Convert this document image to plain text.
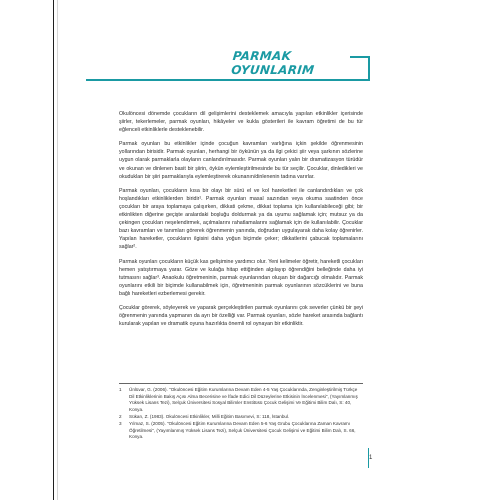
PARMAK OYUNLARIM

Okulöncesi dönemde çocukların dil gelişimlerini desteklemek amacıyla yapılan etkinlikler içerisinde şiirler, tekerlemeler, parmak oyunları, hikâyeler ve kukla gösterileri ile kavram öğretimi de bu tür eğlenceli etkinliklerle desteklenebilir.

Parmak oyunları bu etkinlikler içinde çocuğun kavramları varlığına içkin şekilde öğrenmesinin yollarından birisidir. Parmak oyunları, herhangi bir öykünün ya da ilgi çekici şiir veya şarkının sözlerine uygun olarak parmaklarla olayların canlandırılmasıdır. Parmak oyunları yalın bir dramatizasyon türüdür ve okunan ve dinlenen basit bir şiirin, öykün eylemleştirilmesinde bu tür seçilir. Çocuklar, dinledikleri ve okudukları bir şiiri parmaklarıyla eylemleştirerek okunanın/dinlenenin tadına varırlar.

Parmak oyunları, çocukların kısa bir olayı bir sürü el ve kol hareketleri ile canlandırdıkları ve çok hoşlandıkları etkinliklerden biridir¹. Parmak oyunları masal sazından veya okuma saatinden önce çocukları bir araya toplamaya çalışırken, dikkati çekme, dikkat toplama için kullanılabileceği gibi; bir etkinlikten diğerine geçişte aralardaki boşluğu doldurmak ya da uyumu sağlamak için; mutsuz ya da çekingen çocukları neşelendirmek, açılmalarını rahatlamalarını sağlamak için de kullanılabilir. Çocuklar bazı kavramları ve tanımları görerek öğrenmenin yanında, doğrudan uygulayarak daha kolay öğrenirler. Yapılan hareketler, çocukların ilgisini daha yoğun biçimde çeker; dikkatlerini çabucak toplamalarını sağlar².

Parmak oyunları çocukların küçük kas gelişimine yardımcı olur. Yeni kelimeler öğretir, hareketli çocukları hemen yatıştırmaya yarar. Göze ve kulağa hitap ettiğinden algılayıp öğrendiğini belleğinde daha iyi tutmasını sağlar³. Anaokulu öğretmeninin, parmak oyunlarından oluşan bir dağarcığı olmalıdır. Parmak oyunlarını etkili bir biçimde kullanabilmek için, öğretmeninin parmak oyunlarının sözcüklerini ve buna bağlı hareketleri ezberlemesi gerekir.

Çocuklar görerek, söyleyerek ve yaparak gerçekleştirilen parmak oyunlarını çok severler çünkü bir şeyi öğrenmenin yanında yapmanın da ayrı bir özelliği var. Parmak oyunları, sözle hareket arasında bağlantı kurularak yapılan ve dramatik oyuna hazırlıkta önemli rol oynayan bir etkinliktir.

1	Ünlüvar, G. (2006). "Okulöncesi Eğitim Kurumlarına Devam Eden 4-5 Yaş Çocuklarında, Zenginleştirilmiş Türkçe Dil Etkinliklerinin Bakış Açısı Alma Becerisine ve İfade Edici Dil Düzeylerine Etkisinin İncelenmesi", (Yayımlanmış Yüksek Lisans Tezi), Selçuk Üniversitesi Sosyal Bilimler Enstitüsü Çocuk Gelişimi Ve Eğitimi Bilim Dalı, S: 40, Konya.
2	Sükan, Z. (1983). Okulöncesi Etkinlikler, Milli Eğitim Basımevi, S: 118, İstanbul.
3	Yılmaz, S. (2005). "Okulöncesi Eğitim Kurumlarına Devam Eden 5-6 Yaş Grubu Çocuklarına Zaman Kavramı Öğretilmesi", (Yayımlanmış Yüksek Lisans Tezi), Selçuk Üniversitesi Çocuk Gelişimi ve Eğitimi Bilim Dalı, S. 66, Konya.
1
